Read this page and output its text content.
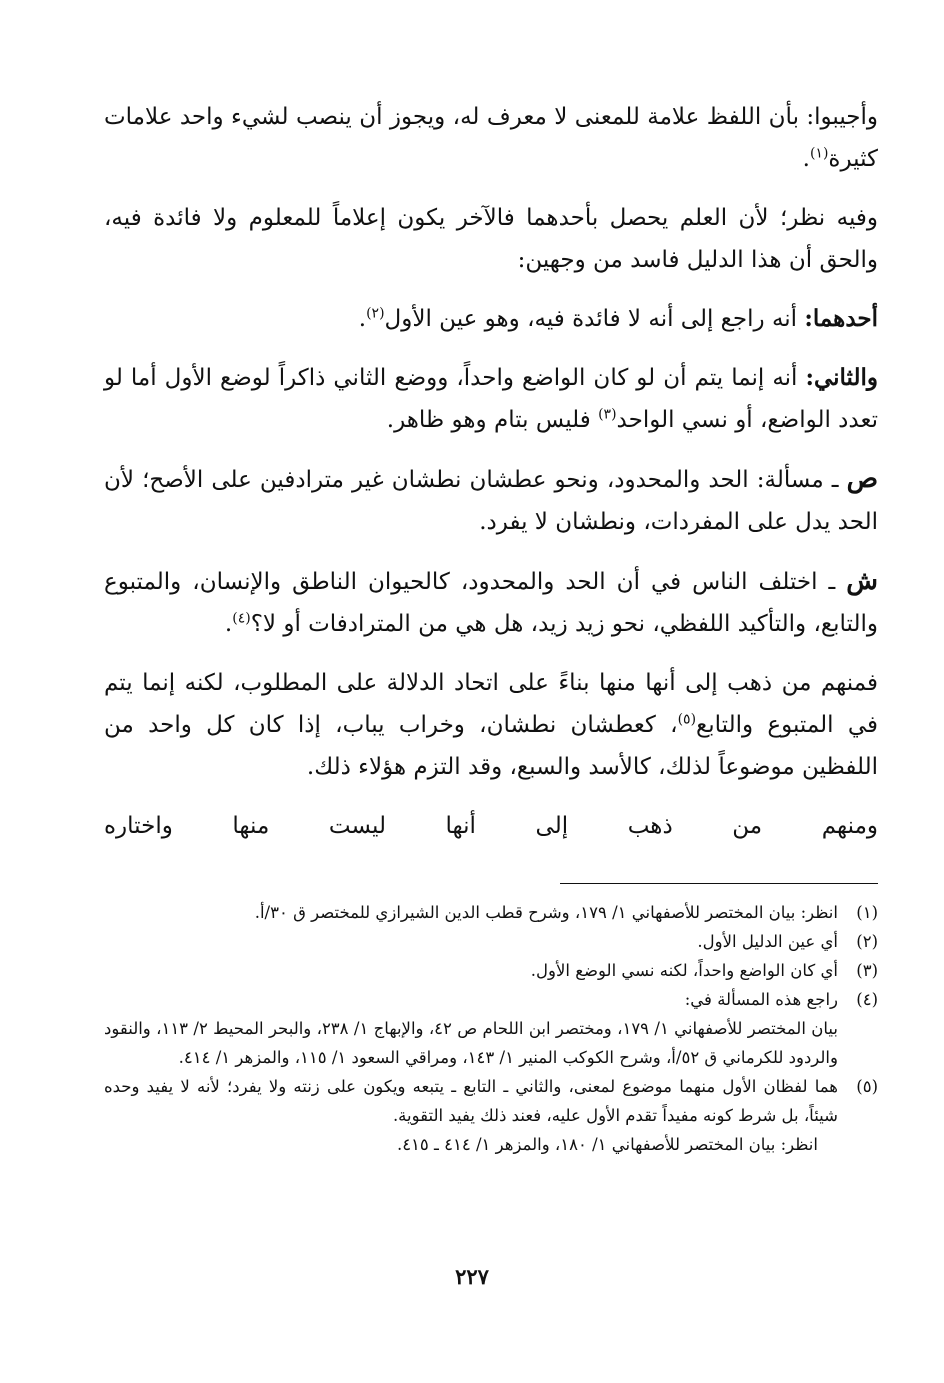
وأجيبوا: بأن اللفظ علامة للمعنى لا معرف له، ويجوز أن ينصب لشيء واحد علامات كثيرة$^{(١)}$.

وفيه نظر؛ لأن العلم يحصل بأحدهما فالآخر يكون إعلاماً للمعلوم ولا فائدة فيه، والحق أن هذا الدليل فاسد من وجهين:

أحدهما: أنه راجع إلى أنه لا فائدة فيه، وهو عين الأول$^{(٢)}$.

والثاني: أنه إنما يتم أن لو كان الواضع واحداً، ووضع الثاني ذاكراً لوضع الأول أما لو تعدد الواضع، أو نسي الواحد$^{(٣)}$ فليس بتام وهو ظاهر.

ص ـ مسألة: الحد والمحدود، ونحو عطشان نطشان غير مترادفين على الأصح؛ لأن الحد يدل على المفردات، ونطشان لا يفرد.

ش ـ اختلف الناس في أن الحد والمحدود، كالحيوان الناطق والإنسان، والمتبوع والتابع، والتأكيد اللفظي، نحو زيد زيد، هل هي من المترادفات أو لا؟$^{(٤)}$.

فمنهم من ذهب إلى أنها منها بناءً على اتحاد الدلالة على المطلوب، لكنه إنما يتم في المتبوع والتابع$^{(٥)}$، كعطشان نطشان، وخراب يباب، إذا كان كل واحد من اللفظين موضوعاً لذلك، كالأسد والسبع، وقد التزم هؤلاء ذلك.

ومنهم من ذهب إلى أنها ليست منها واختاره

(١)

انظر: بيان المختصر للأصفهاني ١/ ١٧٩، وشرح قطب الدين الشيرازي للمختصر ق ٣٠/أ.

(٢)

أي عين الدليل الأول.

(٣)

أي كان الواضع واحداً، لكنه نسي الوضع الأول.

(٤)

راجع هذه المسألة في:

بيان المختصر للأصفهاني ١/ ١٧٩، ومختصر ابن اللحام ص ٤٢، والإبهاج ١/ ٢٣٨، والبحر المحيط ٢/ ١١٣، والنقود والردود للكرماني ق ٥٢/أ، وشرح الكوكب المنير ١/ ١٤٣، ومراقي السعود ١/ ١١٥، والمزهر ١/ ٤١٤.

(٥)

هما لفظان الأول منهما موضوع لمعنى، والثاني ـ التابع ـ يتبعه ويكون على زنته ولا يفرد؛ لأنه لا يفيد وحده شيئاً، بل شرط كونه مفيداً تقدم الأول عليه، فعند ذلك يفيد التقوية.

انظر: بيان المختصر للأصفهاني ١/ ١٨٠، والمزهر ١/ ٤١٤ ـ ٤١٥.

٢٢٧
